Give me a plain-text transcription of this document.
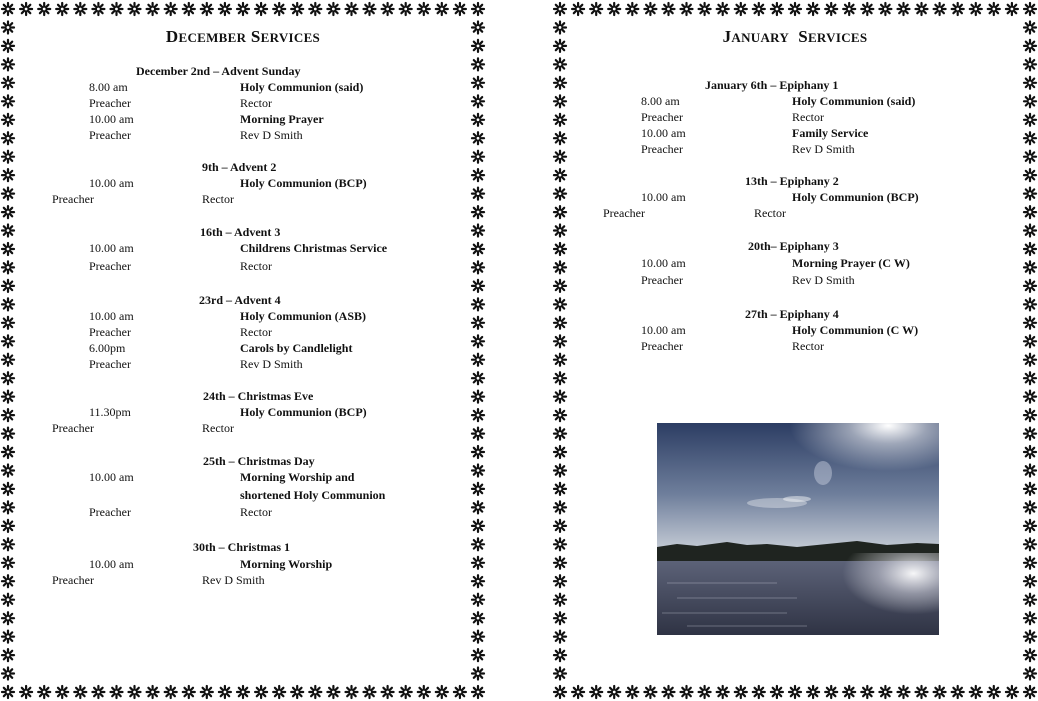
DECEMBER SERVICES
December 2nd – Advent Sunday
8.00 am	Holy Communion (said)
Preacher	Rector
10.00 am	Morning Prayer
Preacher	Rev D Smith
9th – Advent 2
10.00 am	Holy Communion (BCP)
Preacher	Rector
16th – Advent 3
10.00 am	Childrens Christmas Service
Preacher	Rector
23rd – Advent 4
10.00 am	Holy Communion (ASB)
Preacher	Rector
6.00pm	Carols by Candlelight
Preacher	Rev D Smith
24th – Christmas Eve
11.30pm	Holy Communion (BCP)
Preacher	Rector
25th – Christmas Day
10.00 am	Morning Worship and
shortened Holy Communion
Preacher	Rector
30th – Christmas 1
10.00 am	Morning Worship
Preacher	Rev D Smith
JANUARY SERVICES
January 6th – Epiphany 1
8.00 am	Holy Communion (said)
Preacher	Rector
10.00 am	Family Service
Preacher	Rev D Smith
13th – Epiphany 2
10.00 am	Holy Communion (BCP)
Preacher	Rector
20th– Epiphany 3
10.00 am	Morning Prayer (C W)
Preacher	Rev D Smith
27th – Epiphany 4
10.00 am	Holy Communion (C W)
Preacher	Rector
